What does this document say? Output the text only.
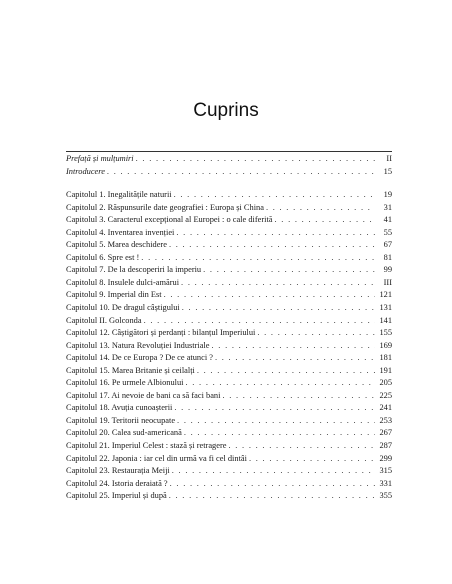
Cuprins
Prefață și mulțumiri . . .	II
Introducere . . .	15
Capitolul 1. Inegalitățile naturii . . .	19
Capitolul 2. Răspunsurile date geografiei : Europa și China . . .	31
Capitolul 3. Caracterul excepțional al Europei : o cale diferită . . .	41
Capitolul 4. Inventarea invenției . . .	55
Capitolul 5. Marea deschidere . . .	67
Capitolul 6. Spre est ! . . .	81
Capitolul 7. De la descoperiri la imperiu . . .	99
Capitolul 8. Insulele dulci-amărui . . .	III
Capitolul 9. Imperial din Est . . .	121
Capitolul 10. De dragul câștigului . . .	131
Capitolul II. Golconda . . .	141
Capitolul 12. Câștigători și perdanți : bilanțul Imperiului . . .	155
Capitolul 13. Natura Revoluției Industriale . . .	169
Capitolul 14. De ce Europa ? De ce atunci ? . . .	181
Capitolul 15. Marea Britanie și ceilalți . . .	191
Capitolul 16. Pe urmele Albionului . . .	205
Capitolul 17. Ai nevoie de bani ca să faci bani . . .	225
Capitolul 18. Avuția cunoașterii . . .	241
Capitolul 19. Teritorii neocupate . . .	253
Capitolul 20. Calea sud-americană . . .	267
Capitolul 21. Imperiul Celest : stază și retragere . . .	287
Capitolul 22. Japonia : iar cel din urmă va fi cel dintâi . . .	299
Capitolul 23. Restaurația Meiji . . .	315
Capitolul 24. Istoria deraiată ? . . .	331
Capitolul 25. Imperiul și după . . .	355
